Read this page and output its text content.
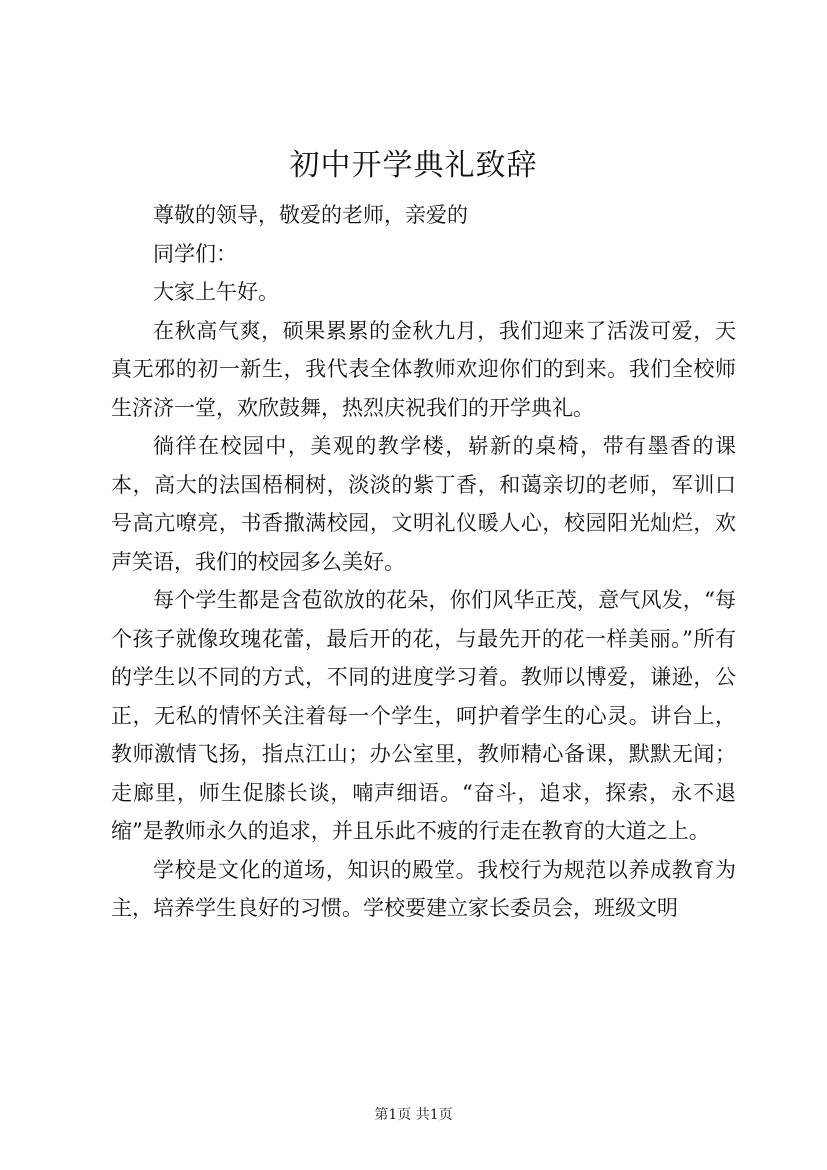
初中开学典礼致辞

尊敬的领导，敬爱的老师，亲爱的

同学们：

大家上午好。

在秋高气爽，硕果累累的金秋九月，我们迎来了活泼可爱，天真无邪的初一新生，我代表全体教师欢迎你们的到来。我们全校师生济济一堂，欢欣鼓舞，热烈庆祝我们的开学典礼。

徜徉在校园中，美观的教学楼，崭新的桌椅，带有墨香的课本，高大的法国梧桐树，淡淡的紫丁香，和蔼亲切的老师，军训口号高亢嘹亮，书香撒满校园，文明礼仪暖人心，校园阳光灿烂，欢声笑语，我们的校园多么美好。

每个学生都是含苞欲放的花朵，你们风华正茂，意气风发，“每个孩子就像玫瑰花蕾，最后开的花，与最先开的花一样美丽。”所有的学生以不同的方式，不同的进度学习着。教师以博爱，谦逊，公正，无私的情怀关注着每一个学生，呵护着学生的心灵。讲台上，教师激情飞扬，指点江山；办公室里，教师精心备课，默默无闻；走廊里，师生促膝长谈，喃声细语。“奋斗，追求，探索，永不退缩”是教师永久的追求，并且乐此不疲的行走在教育的大道之上。

学校是文化的道场，知识的殿堂。我校行为规范以养成教育为主，培养学生良好的习惯。学校要建立家长委员会，班级文明

第1页 共1页
